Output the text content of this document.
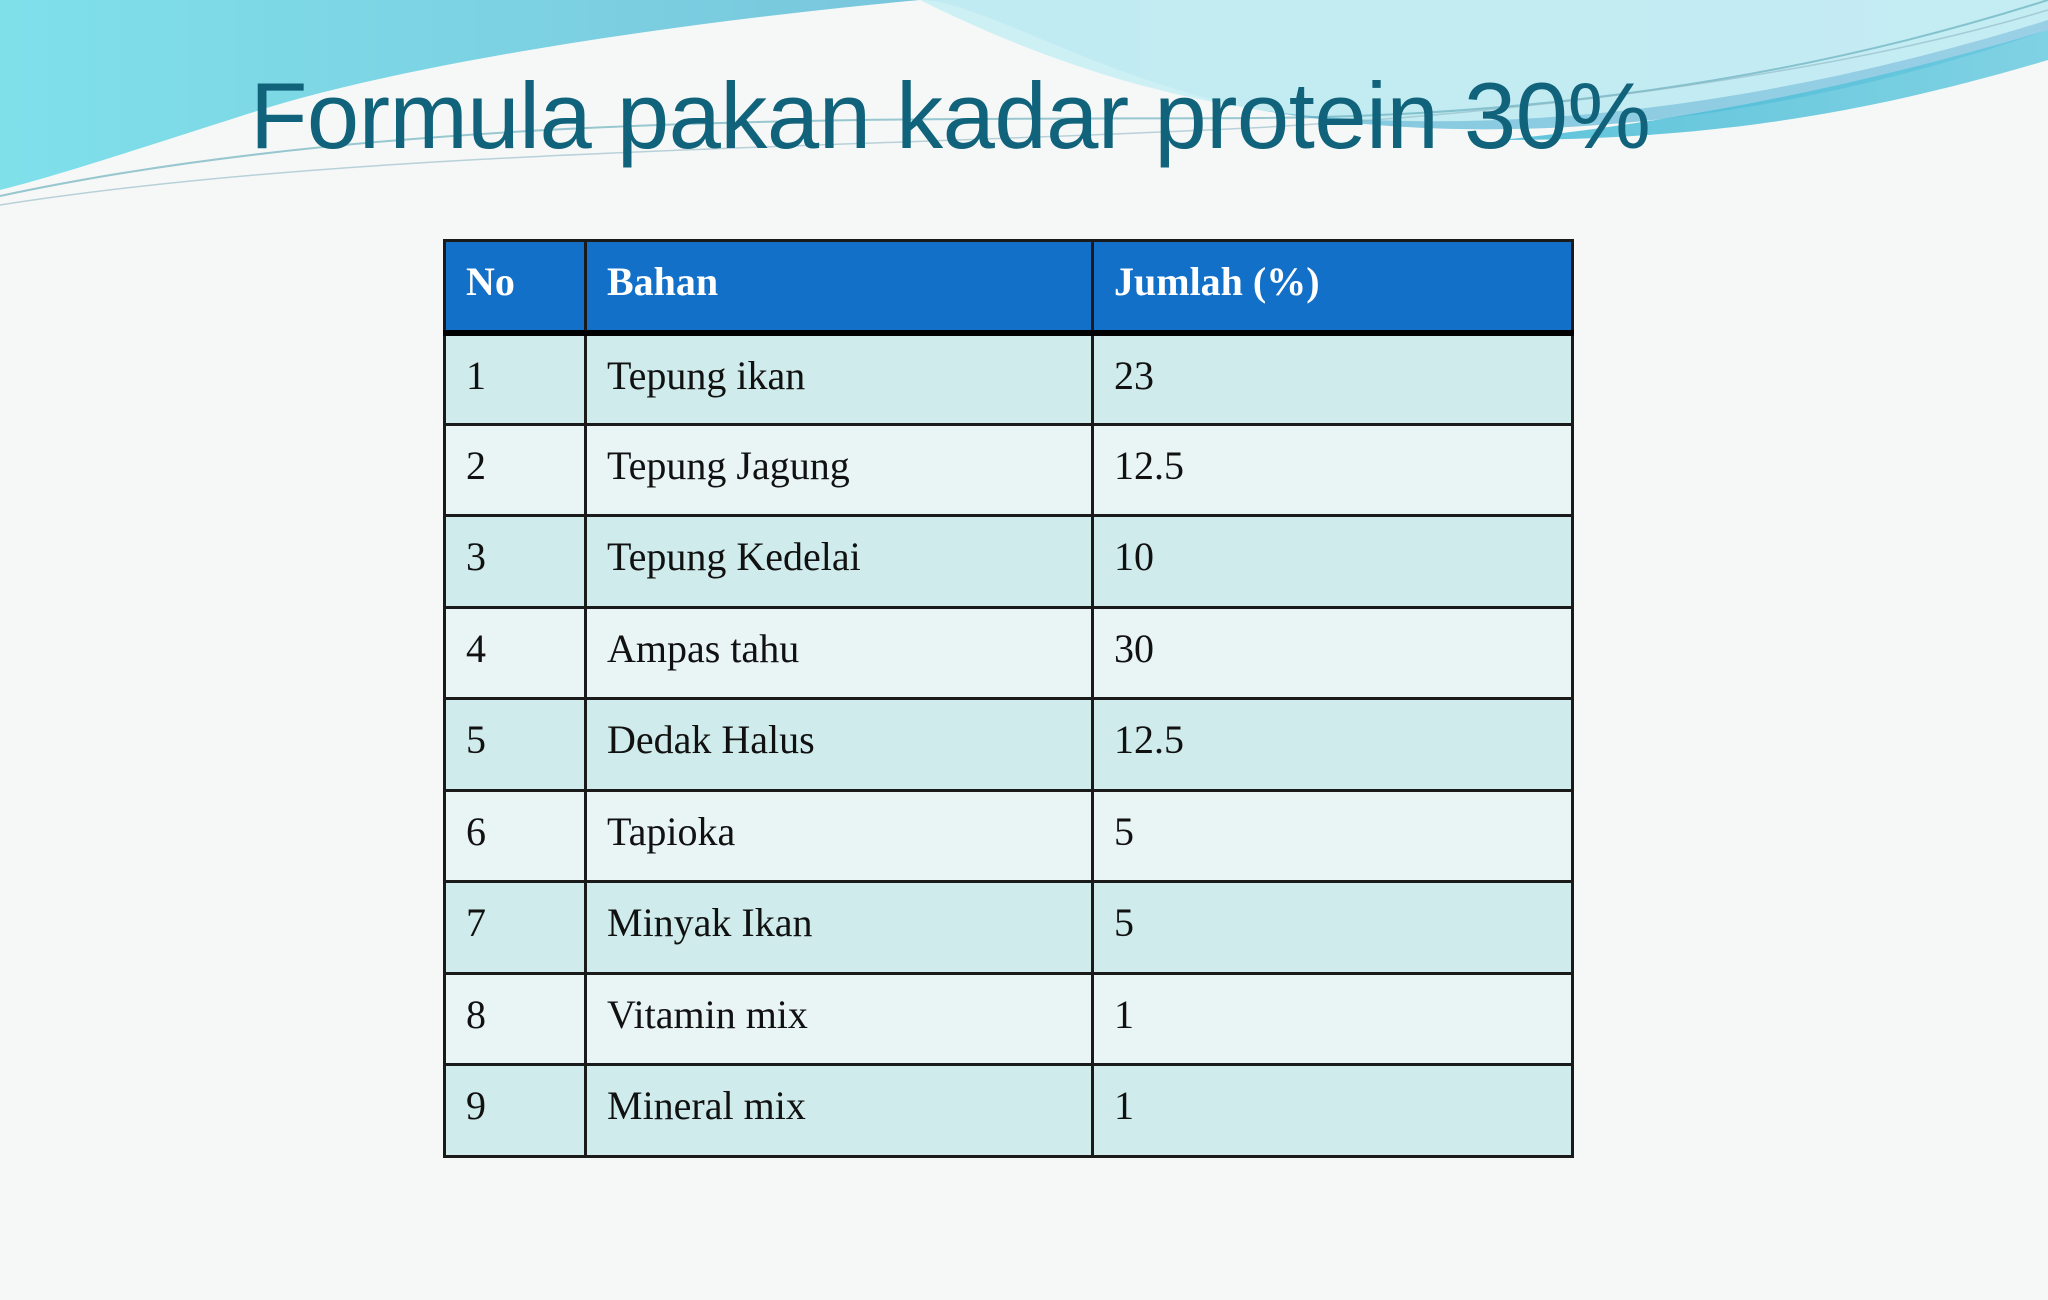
Formula pakan kadar protein 30%
No	Bahan	Jumlah (%)
1	Tepung ikan	23
2	Tepung Jagung	12.5
3	Tepung Kedelai	10
4	Ampas tahu	30
5	Dedak Halus	12.5
6	Tapioka	5
7	Minyak Ikan	5
8	Vitamin mix	1
9	Mineral mix	1
